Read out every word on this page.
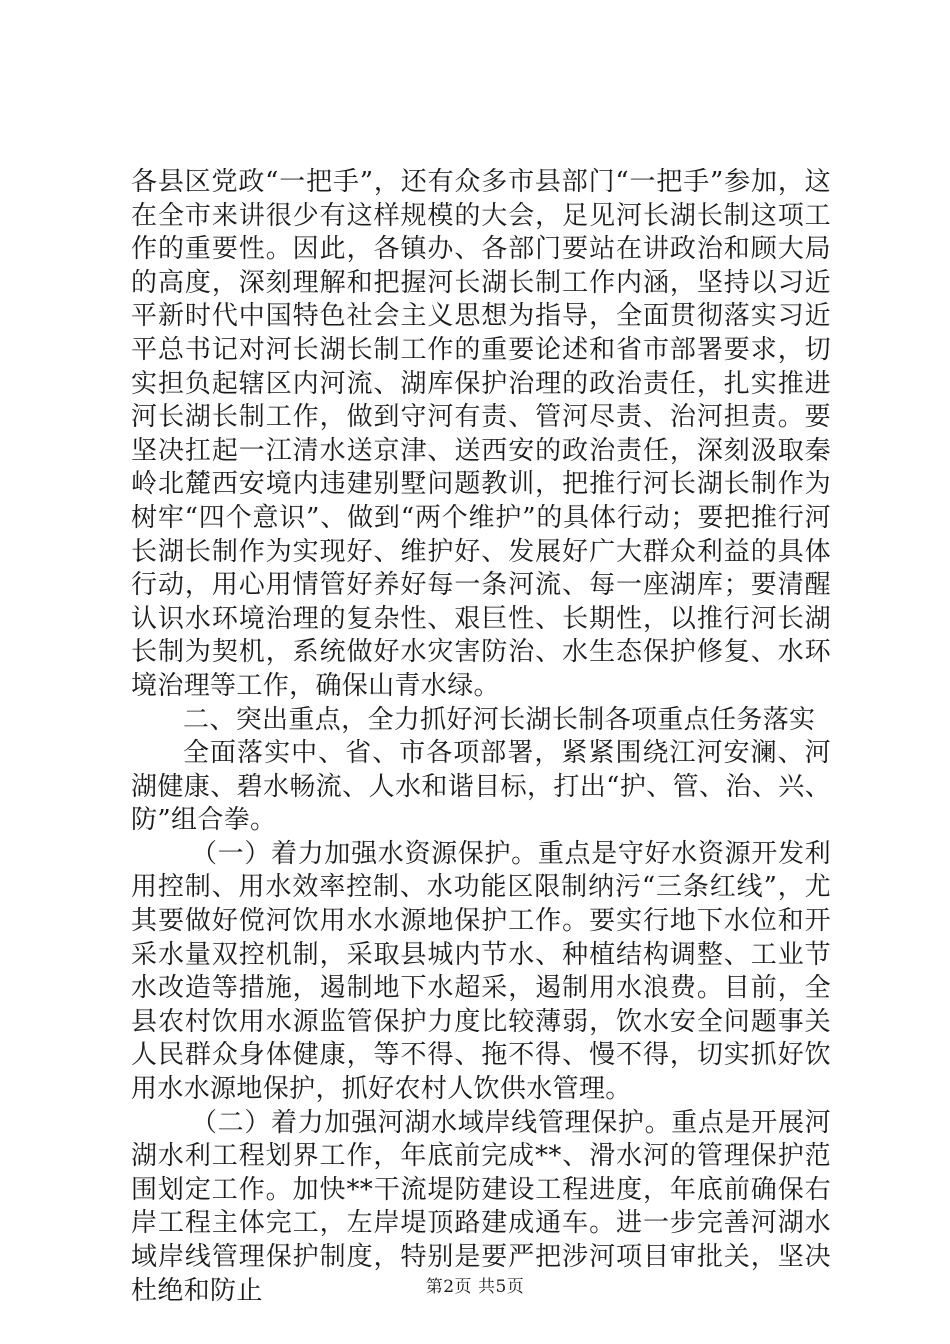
各县区党政“一把手”，还有众多市县部门“一把手”参加，这在全市来讲很少有这样规模的大会，足见河长湖长制这项工作的重要性。因此，各镇办、各部门要站在讲政治和顾大局的高度，深刻理解和把握河长湖长制工作内涵，坚持以习近平新时代中国特色社会主义思想为指导，全面贯彻落实习近平总书记对河长湖长制工作的重要论述和省市部署要求，切实担负起辖区内河流、湖库保护治理的政治责任，扎实推进河长湖长制工作，做到守河有责、管河尽责、治河担责。要坚决扛起一江清水送京津、送西安的政治责任，深刻汲取秦岭北麓西安境内违建别墅问题教训，把推行河长湖长制作为树牢“四个意识”、做到“两个维护”的具体行动；要把推行河长湖长制作为实现好、维护好、发展好广大群众利益的具体行动，用心用情管好养好每一条河流、每一座湖库；要清醒认识水环境治理的复杂性、艰巨性、长期性，以推行河长湖长制为契机，系统做好水灾害防治、水生态保护修复、水环境治理等工作，确保山青水绿。

二、突出重点，全力抓好河长湖长制各项重点任务落实

全面落实中、省、市各项部署，紧紧围绕江河安澜、河湖健康、碧水畅流、人水和谐目标，打出“护、管、治、兴、防”组合拳。

（一）着力加强水资源保护。重点是守好水资源开发利用控制、用水效率控制、水功能区限制纳污“三条红线”，尤其要做好傥河饮用水水源地保护工作。要实行地下水位和开采水量双控机制，采取县城内节水、种植结构调整、工业节水改造等措施，遏制地下水超采，遏制用水浪费。目前，全县农村饮用水源监管保护力度比较薄弱，饮水安全问题事关人民群众身体健康，等不得、拖不得、慢不得，切实抓好饮用水水源地保护，抓好农村人饮供水管理。

（二）着力加强河湖水域岸线管理保护。重点是开展河湖水利工程划界工作，年底前完成**、滑水河的管理保护范围划定工作。加快**干流堤防建设工程进度，年底前确保右岸工程主体完工，左岸堤顶路建成通车。进一步完善河湖水域岸线管理保护制度，特别是要严把涉河项目审批关，坚决杜绝和防止	第2页 共5页
